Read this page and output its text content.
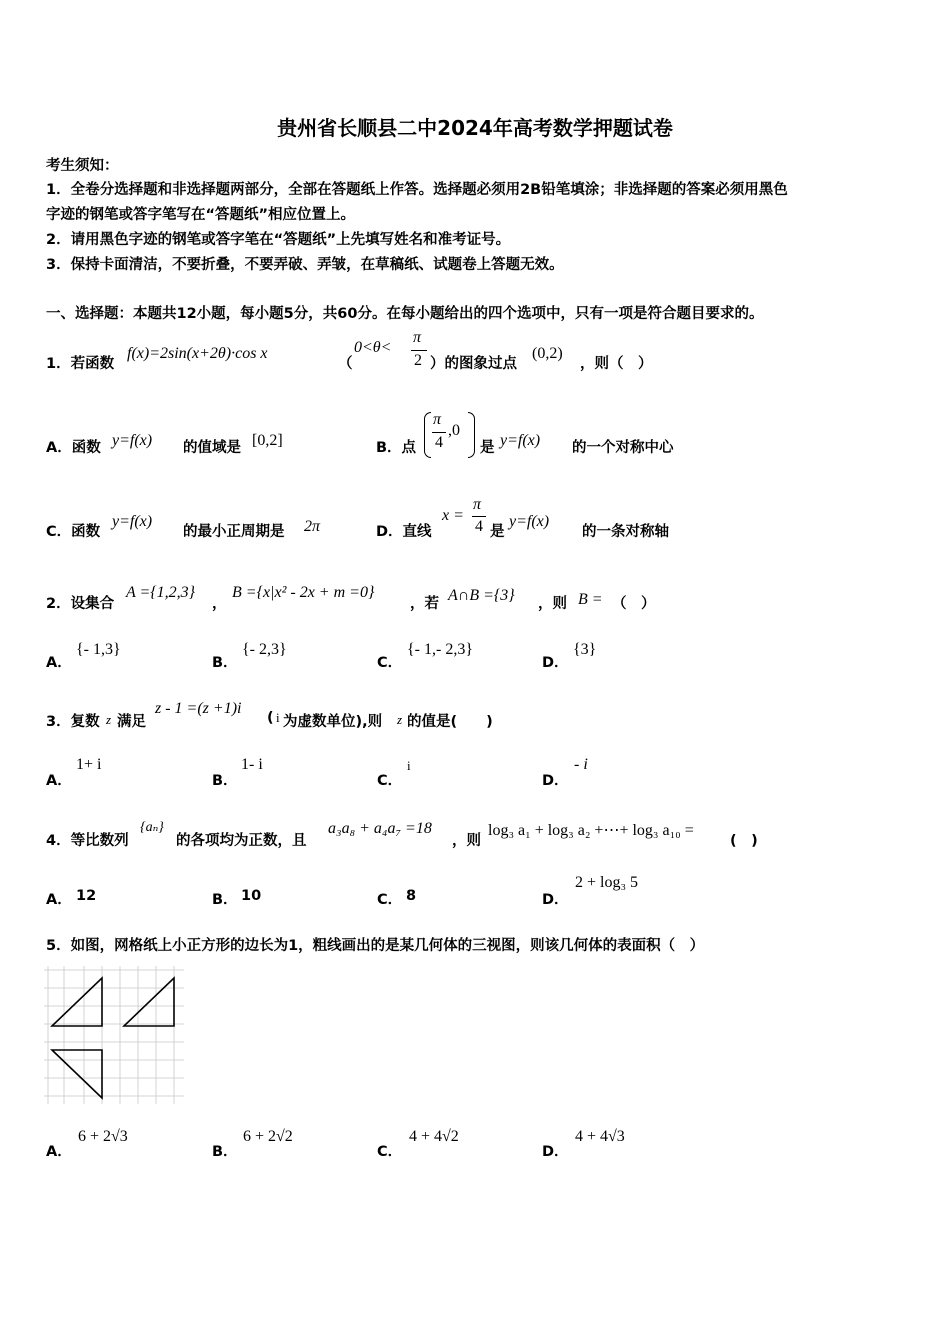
贵州省长顺县二中2024年高考数学押题试卷
考生须知：
1．全卷分选择题和非选择题两部分，全部在答题纸上作答。选择题必须用2B铅笔填涂；非选择题的答案必须用黑色
字迹的钢笔或答字笔写在“答题纸”相应位置上。
2．请用黑色字迹的钢笔或答字笔在“答题纸”上先填写姓名和准考证号。
3．保持卡面清洁，不要折叠，不要弄破、弄皱，在草稿纸、试题卷上答题无效。
一、选择题：本题共12小题，每小题5分，共60分。在每小题给出的四个选项中，只有一项是符合题目要求的。
1．若函数
f(x)=2sin(x+2θ)·cos x
（
0<θ<
π
2 ）的图象过点
(0,2)
，则（　）
A．函数 y=f(x) 的值域是 [0,2]	B．点
π
4
,0
是 y=f(x) 的一个对称中心
C．函数
y=f(x)
的最小正周期是 2π	D．直线
x =
π
4 是
y=f(x)
的一条对称轴
2．设集合
A ={1,2,3}
，
B ={x|x² - 2x + m =0}
，若 A∩B ={3} ，则 B = （　）
A．
{- 1,3}
B．
{- 2,3}
C．
{- 1,- 2,3}
D．
{3}
3．复数 z 满足
z - 1 =(z +1)i
( i 为虚数单位),则 z 的值是(　　)
A．
1+ i
B．
1- i
C．
i
D．
- i
4．等比数列
{aₙ}
的各项均为正数，且
a₃a₈ + a₄a₇ =18
，则
log₃ a₁ + log₃ a₂ +⋯+ log₃ a₁₀ =
(　)
A． 12	B． 10	C． 8	D．
2 + log₃ 5
5．如图，网格纸上小正方形的边长为1，粗线画出的是某几何体的三视图，则该几何体的表面积（　）
A．
6 + 2√3
B．
6 + 2√2
C．
4 + 4√2
D．
4 + 4√3
